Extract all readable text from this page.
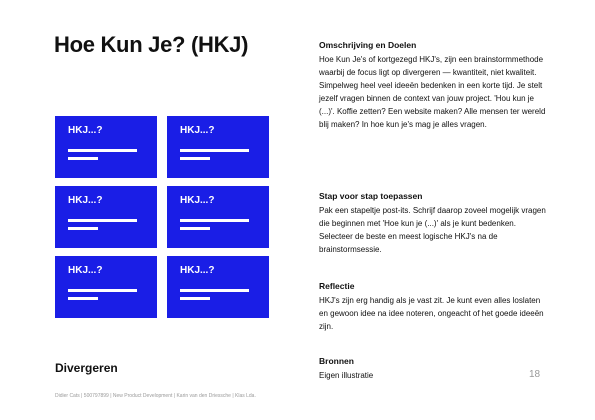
Hoe Kun Je? (HKJ)
HKJ...?	HKJ...?
HKJ...?	HKJ...?
HKJ...?	HKJ...?
Divergeren
Didier Cats | 500797899 | New Product Development | Karin van den Driessche | Klas Lda.

Omschrijving en Doelen

Hoe Kun Je's of kortgezegd HKJ's, zijn een brainstormmethode waarbij de focus ligt op divergeren — kwantiteit, niet kwaliteit. Simpelweg heel veel ideeën bedenken in een korte tijd. Je stelt jezelf vragen binnen de context van jouw project. 'Hou kun je (...)'. Koffie zetten? Een website maken? Alle mensen ter wereld blij maken? In hoe kun je's mag je alles vragen.

Stap voor stap toepassen

Pak een stapeltje post-its. Schrijf daarop zoveel mogelijk vragen die beginnen met 'Hoe kun je (...)' als je kunt bedenken. Selecteer de beste en meest logische HKJ's na de brainstormsessie.

Reflectie

HKJ's zijn erg handig als je vast zit. Je kunt even alles loslaten en gewoon idee na idee noteren, ongeacht of het goede ideeën zijn.

Bronnen

Eigen illustratie	18
